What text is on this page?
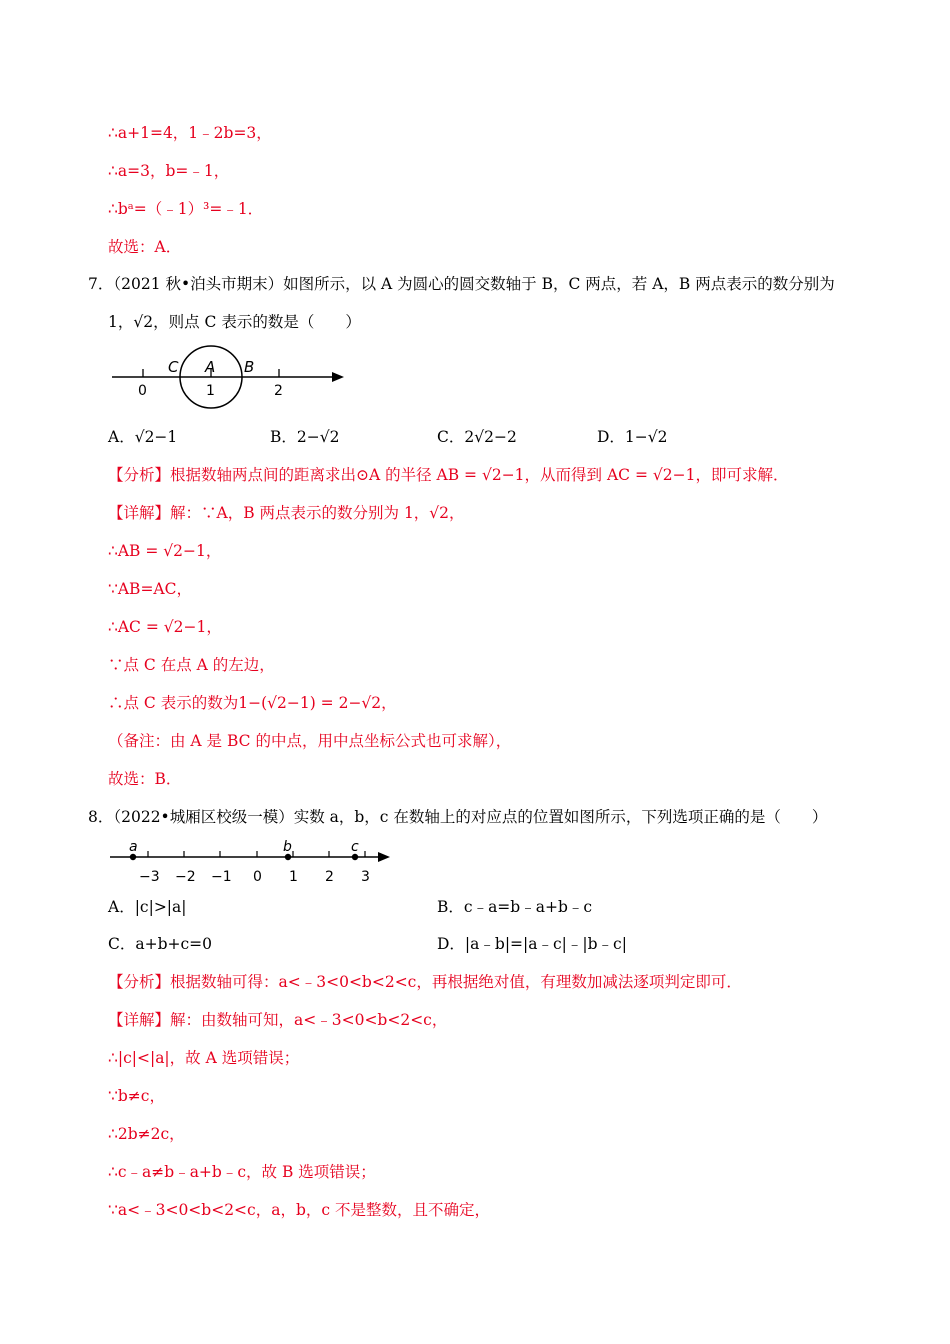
∴a+1=4，1﹣2b=3，
∴a=3，b=﹣1，
∴bᵃ=（﹣1）³=﹣1．
故选：A．
7．（2021 秋•泊头市期末）如图所示，以 A 为圆心的圆交数轴于 B，C 两点，若 A，B 两点表示的数分别为
1，√2，则点 C 表示的数是（　　）
C A B
0	1	2
A．√2−1	B．2−√2	C．2√2−2	D．1−√2
【分析】根据数轴两点间的距离求出⊙A 的半径 AB = √2−1，从而得到 AC = √2−1，即可求解．
【详解】解：∵A，B 两点表示的数分别为 1，√2，
∴AB = √2−1，
∵AB=AC，
∴AC = √2−1，
∵点 C 在点 A 的左边，
∴点 C 表示的数为1−(√2−1) = 2−√2，
（备注：由 A 是 BC 的中点，用中点坐标公式也可求解），
故选：B．
8．（2022•城厢区校级一模）实数 a，b，c 在数轴上的对应点的位置如图所示，下列选项正确的是（　　）
a	b	c
−3 −2 −1 0 1 2 3
A．|c|>|a|	B．c﹣a=b﹣a+b﹣c
C．a+b+c=0	D．|a﹣b|=|a﹣c|﹣|b﹣c|
【分析】根据数轴可得：a<﹣3<0<b<2<c，再根据绝对值，有理数加减法逐项判定即可．
【详解】解：由数轴可知，a<﹣3<0<b<2<c，
∴|c|<|a|，故 A 选项错误；
∵b≠c，
∴2b≠2c，
∴c﹣a≠b﹣a+b﹣c，故 B 选项错误；
∵a<﹣3<0<b<2<c，a，b，c 不是整数，且不确定，
